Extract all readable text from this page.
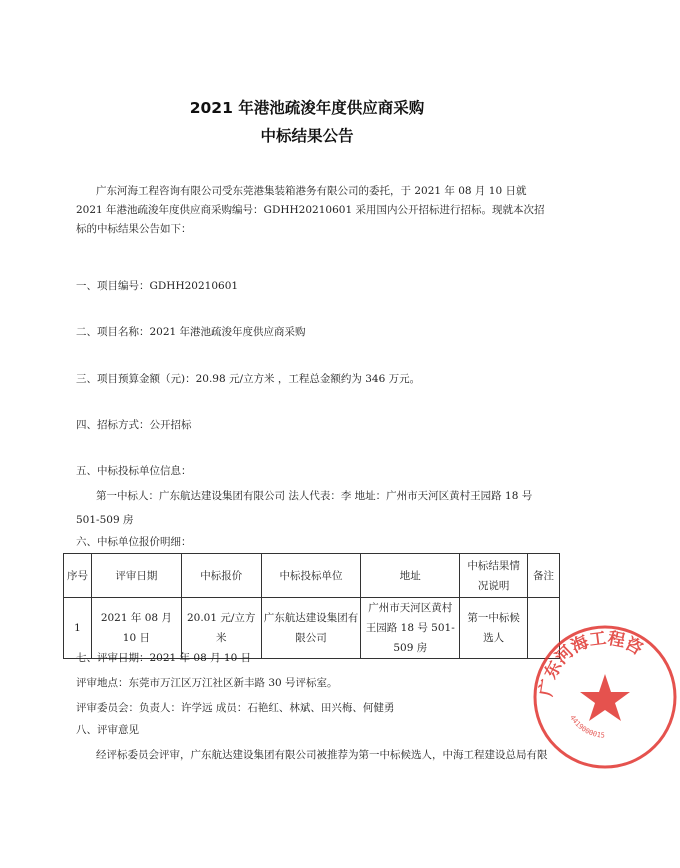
2021 年港池疏浚年度供应商采购
中标结果公告
广东河海工程咨询有限公司受东莞港集装箱港务有限公司的委托，于 2021 年 08 月 10 日就 2021 年港池疏浚年度供应商采购编号：GDHH20210601 采用国内公开招标进行招标。现就本次招标的中标结果公告如下：
一、项目编号：GDHH20210601
二、项目名称：2021 年港池疏浚年度供应商采购
三、项目预算金额（元)：20.98 元/立方米 ，工程总金额约为 346 万元。
四、招标方式：公开招标
五、中标投标单位信息：
第一中标人：广东航达建设集团有限公司 法人代表：李 地址：广州市天河区黄村王园路 18 号
501-509 房
六、中标单位报价明细：
序号	评审日期	中标报价	中标投标单位	地址	中标结果情况说明	备注
1	2021 年 08 月 10 日	20.01 元/立方米	广东航达建设集团有限公司	广州市天河区黄村王园路 18 号 501-509 房	第一中标候选人	
七、评审日期：2021 年 08 月 10 日
评审地点：东莞市万江区万江社区新丰路 30 号评标室。
评审委员会：负责人：许学远 成员：石艳红、林斌、田兴梅、何健勇
八、评审意见
经评标委员会评审，广东航达建设集团有限公司被推荐为第一中标候选人，中海工程建设总局有限
广东河海工程咨
4419000015
